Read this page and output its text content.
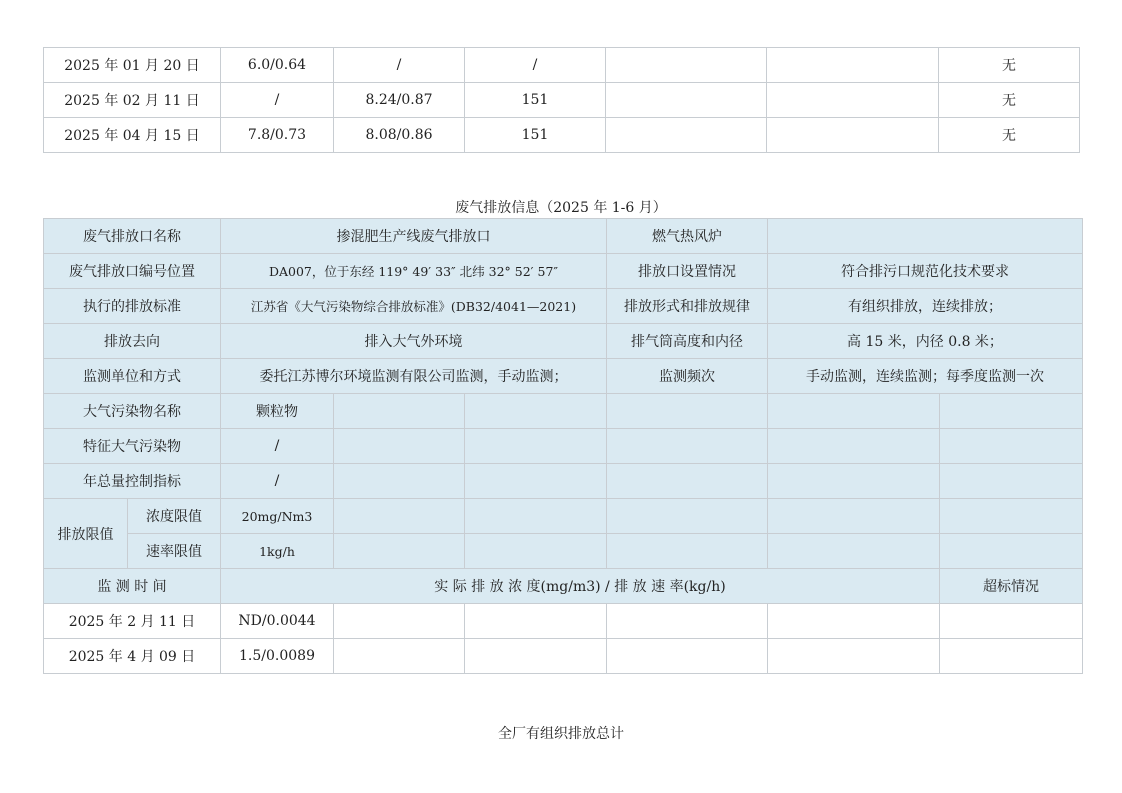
2025 年 01 月 20 日	6.0/0.64	/	/			无
2025 年 02 月 11 日	/	8.24/0.87	151			无
2025 年 04 月 15 日	7.8/0.73	8.08/0.86	151			无
废气排放信息（2025 年 1-6 月）
废气排放口名称		掺混肥生产线废气排放口			燃气热风炉		
废气排放口编号位置		DA007，位于东经 119° 49′ 33″ 北纬 32° 52′ 57″			排放口设置情况	符合排污口规范化技术要求	
执行的排放标准		江苏省《大气污染物综合排放标准》(DB32/4041—2021)			排放形式和排放规律	有组织排放，连续排放；	
排放去向		排入大气外环境			排气筒高度和内径	高 15 米，内径 0.8 米；	
监测单位和方式		委托江苏博尔环境监测有限公司监测，手动监测；			监测频次	手动监测，连续监测；每季度监测一次	
大气污染物名称		颗粒物					
特征大气污染物		/					
年总量控制指标		/					
排放限值	浓度限值	20mg/Nm3					
	速率限值	1kg/h					
监 测 时 间		实 际 排 放 浓 度(mg/m3) / 排 放 速 率(kg/h)					超标情况
2025 年 2 月 11 日		ND/0.0044					
2025 年 4 月 09 日		1.5/0.0089					
全厂有组织排放总计
